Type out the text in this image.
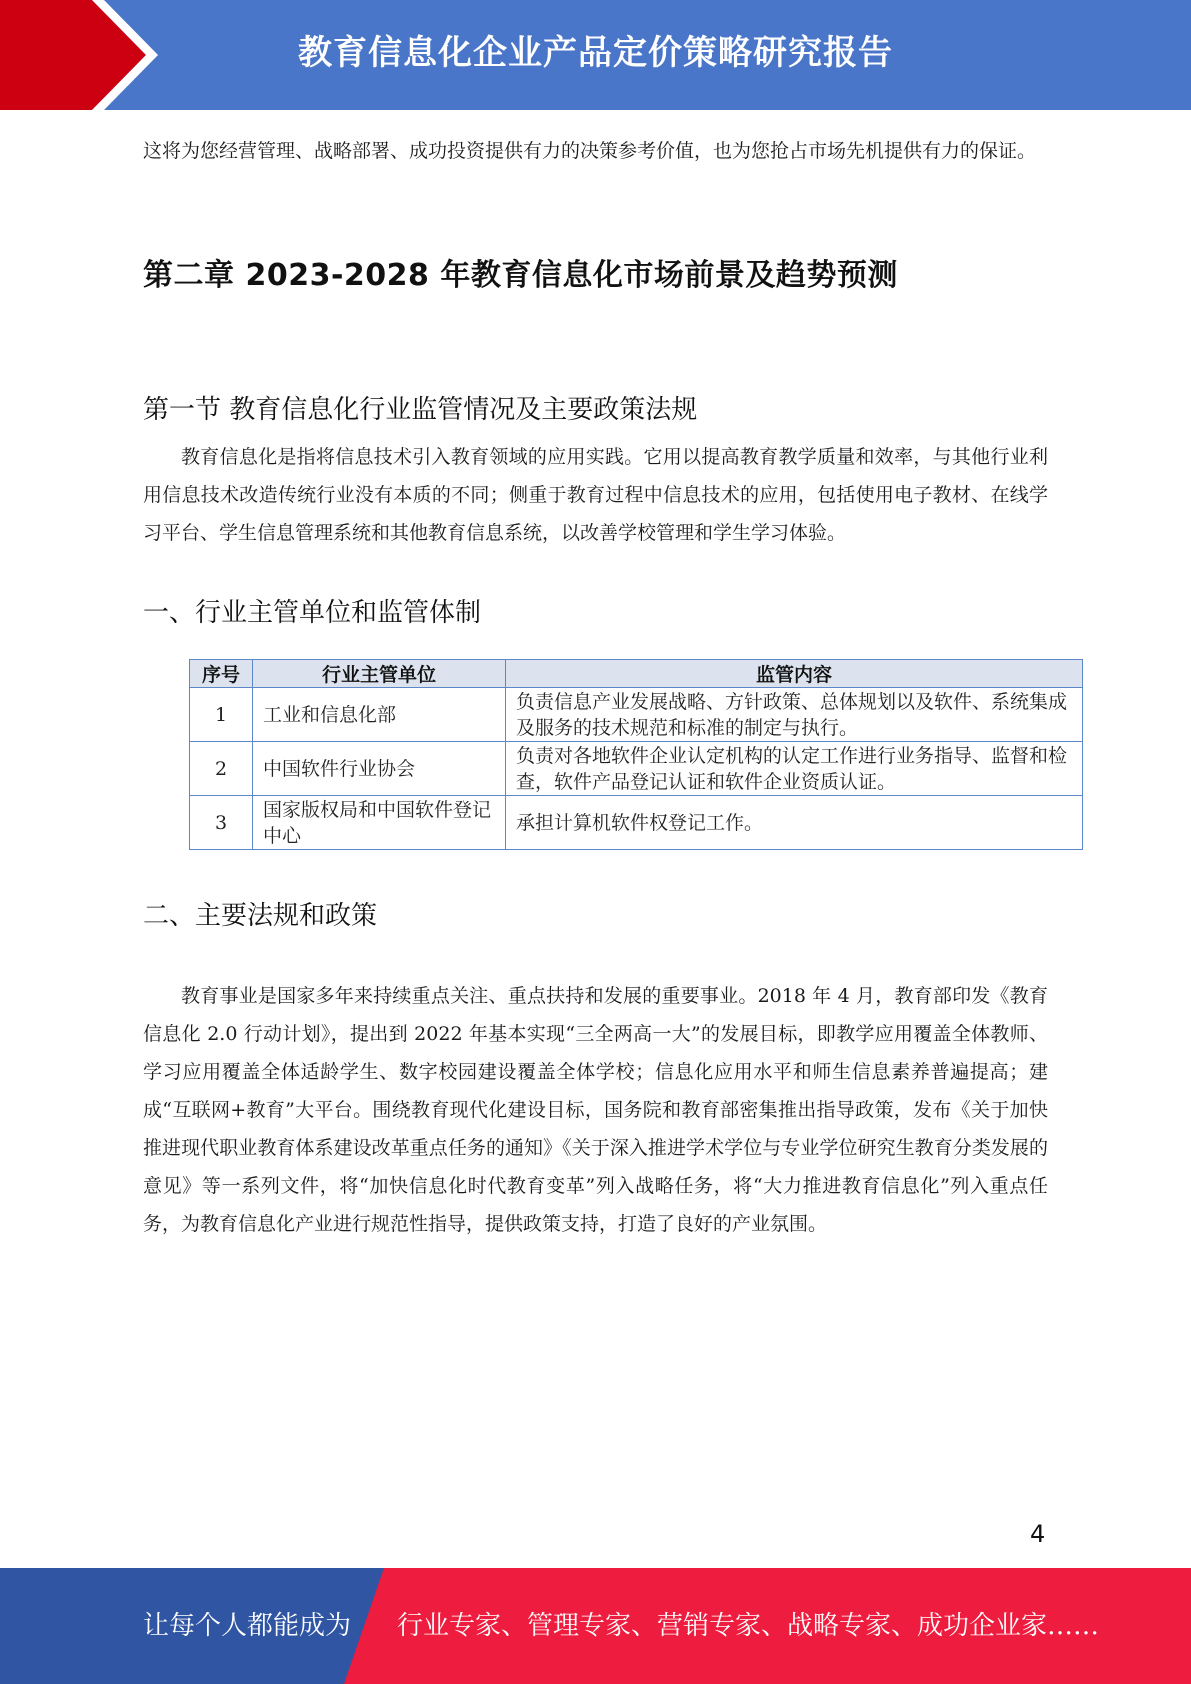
教育信息化企业产品定价策略研究报告

这将为您经营管理、战略部署、成功投资提供有力的决策参考价值，也为您抢占市场先机提供有力的保证。

第二章 2023-2028 年教育信息化市场前景及趋势预测
第一节 教育信息化行业监管情况及主要政策法规

教育信息化是指将信息技术引入教育领域的应用实践。它用以提高教育教学质量和效率，与其他行业利用信息技术改造传统行业没有本质的不同；侧重于教育过程中信息技术的应用，包括使用电子教材、在线学习平台、学生信息管理系统和其他教育信息系统，以改善学校管理和学生学习体验。

一、行业主管单位和监管体制
序号	行业主管单位	监管内容
1	工业和信息化部	负责信息产业发展战略、方针政策、总体规划以及软件、系统集成及服务的技术规范和标准的制定与执行。
2	中国软件行业协会	负责对各地软件企业认定机构的认定工作进行业务指导、监督和检查，软件产品登记认证和软件企业资质认证。
3	国家版权局和中国软件登记中心	承担计算机软件权登记工作。
二、主要法规和政策

教育事业是国家多年来持续重点关注、重点扶持和发展的重要事业。2018 年 4 月，教育部印发《教育信息化 2.0 行动计划》，提出到 2022 年基本实现“三全两高一大”的发展目标，即教学应用覆盖全体教师、学习应用覆盖全体适龄学生、数字校园建设覆盖全体学校；信息化应用水平和师生信息素养普遍提高；建成“互联网+教育”大平台。围绕教育现代化建设目标，国务院和教育部密集推出指导政策，发布《关于加快推进现代职业教育体系建设改革重点任务的通知》《关于深入推进学术学位与专业学位研究生教育分类发展的意见》等一系列文件，将“加快信息化时代教育变革”列入战略任务，将“大力推进教育信息化”列入重点任务，为教育信息化产业进行规范性指导，提供政策支持，打造了良好的产业氛围。

4
让每个人都能成为 行业专家、管理专家、营销专家、战略专家、成功企业家……
